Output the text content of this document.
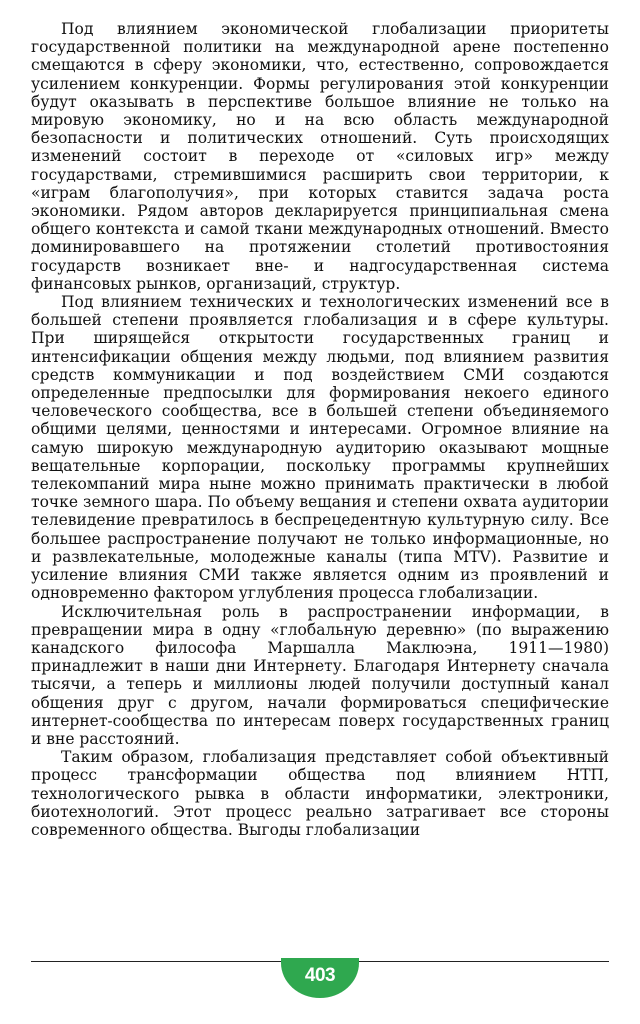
Под влиянием экономической глобализации приоритеты государственной политики на международной арене постепенно смещаются в сферу экономики, что, естественно, сопровождается усилением конкуренции. Формы регулирования этой конкуренции будут оказывать в перспективе большое влияние не только на мировую экономику, но и на всю область международной безопасности и политических отношений. Суть происходящих изменений состоит в переходе от «силовых игр» между государствами, стремившимися расширить свои территории, к «играм благополучия», при которых ставится задача роста экономики. Рядом авторов декларируется принципиальная смена общего контекста и самой ткани международных отношений. Вместо доминировавшего на протяжении столетий противостояния государств возникает вне- и надгосударственная система финансовых рынков, организаций, структур.

Под влиянием технических и технологических изменений все в большей степени проявляется глобализация и в сфере культуры. При ширящейся открытости государственных границ и интенсификации общения между людьми, под влиянием развития средств коммуникации и под воздействием СМИ создаются определенные предпосылки для формирования некоего единого человеческого сообщества, все в большей степени объединяемого общими целями, ценностями и интересами. Огромное влияние на самую широкую международную аудиторию оказывают мощные вещательные корпорации, поскольку программы крупнейших телекомпаний мира ныне можно принимать практически в любой точке земного шара. По объему вещания и степени охвата аудитории телевидение превратилось в беспрецедентную культурную силу. Все большее распространение получают не только информационные, но и развлекательные, молодежные каналы (типа MTV). Развитие и усиление влияния СМИ также является одним из проявлений и одновременно фактором углубления процесса глобализации.

Исключительная роль в распространении информации, в превращении мира в одну «глобальную деревню» (по выражению канадского философа Маршалла Маклюэна, 1911—1980) принадлежит в наши дни Интернету. Благодаря Интернету сначала тысячи, а теперь и миллионы людей получили доступный канал общения друг с другом, начали формироваться специфические интернет-сообщества по интересам поверх государственных границ и вне расстояний.

Таким образом, глобализация представляет собой объективный процесс трансформации общества под влиянием НТП, технологического рывка в области информатики, электроники, биотехнологий. Этот процесс реально затрагивает все стороны современного общества. Выгоды глобализации

403
